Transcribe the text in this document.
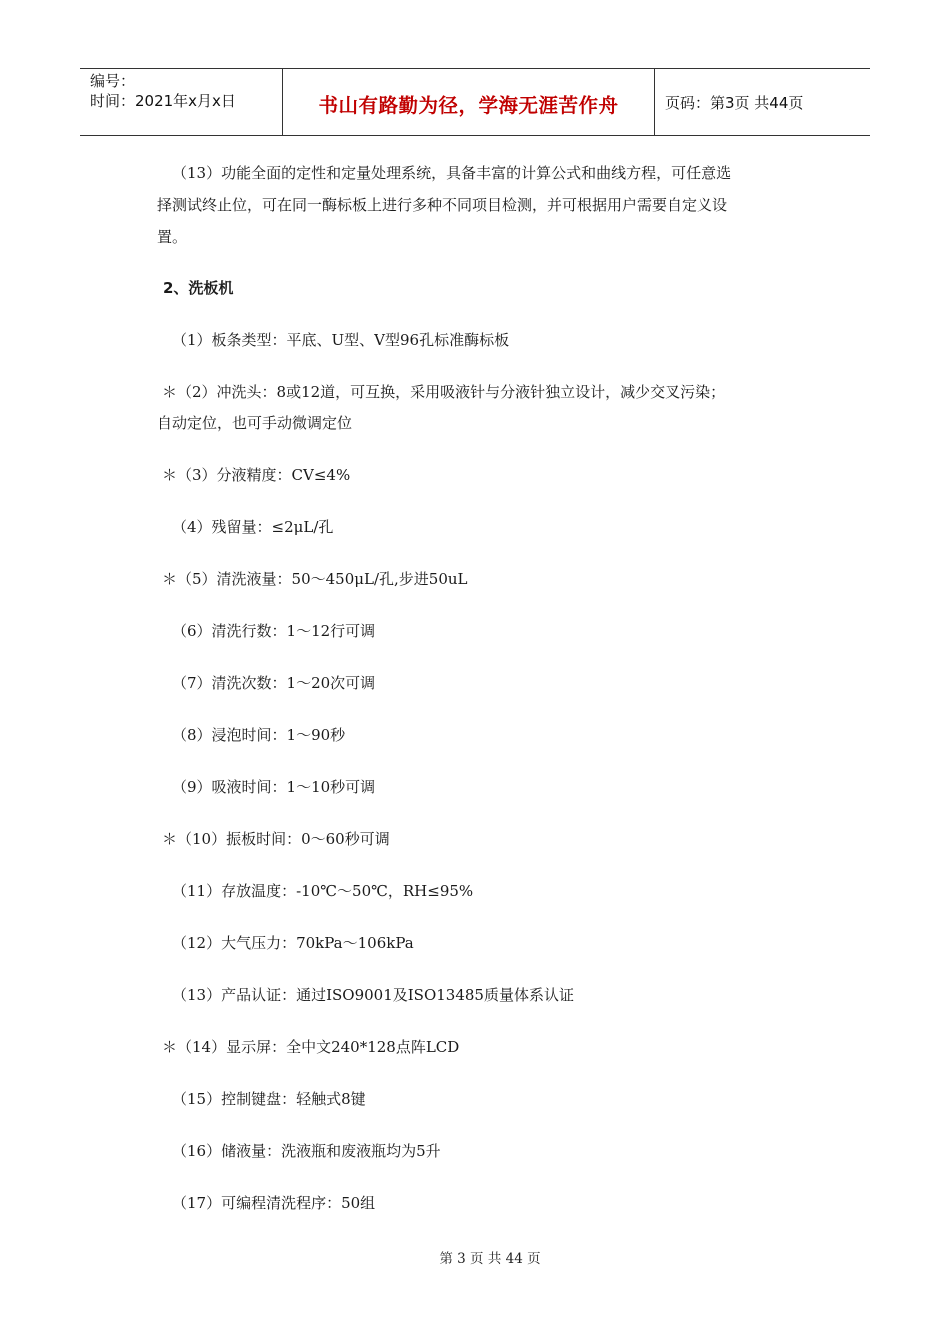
编号：
时间：2021年x月x日	书山有路勤为径，学海无涯苦作舟	页码：第3页 共44页
（13）功能全面的定性和定量处理系统，具备丰富的计算公式和曲线方程，可任意选
择测试终止位，可在同一酶标板上进行多种不同项目检测，并可根据用户需要自定义设
置。
2、洗板机
（1）板条类型：平底、U型、V型96孔标准酶标板
＊（2）冲洗头：8或12道，可互换，采用吸液针与分液针独立设计，减少交叉污染；
自动定位，也可手动微调定位
＊（3）分液精度：CV≤4%
（4）残留量：≤2μL/孔
＊（5）清洗液量：50～450μL/孔,步进50uL
（6）清洗行数：1～12行可调
（7）清洗次数：1～20次可调
（8）浸泡时间：1～90秒
（9）吸液时间：1～10秒可调
＊（10）振板时间：0～60秒可调
（11）存放温度：-10℃～50℃，RH≤95%
（12）大气压力：70kPa～106kPa
（13）产品认证：通过ISO9001及ISO13485质量体系认证
＊（14）显示屏：全中文240*128点阵LCD
（15）控制键盘：轻触式8键
（16）储液量：洗液瓶和废液瓶均为5升
（17）可编程清洗程序：50组
第 3 页 共 44 页
